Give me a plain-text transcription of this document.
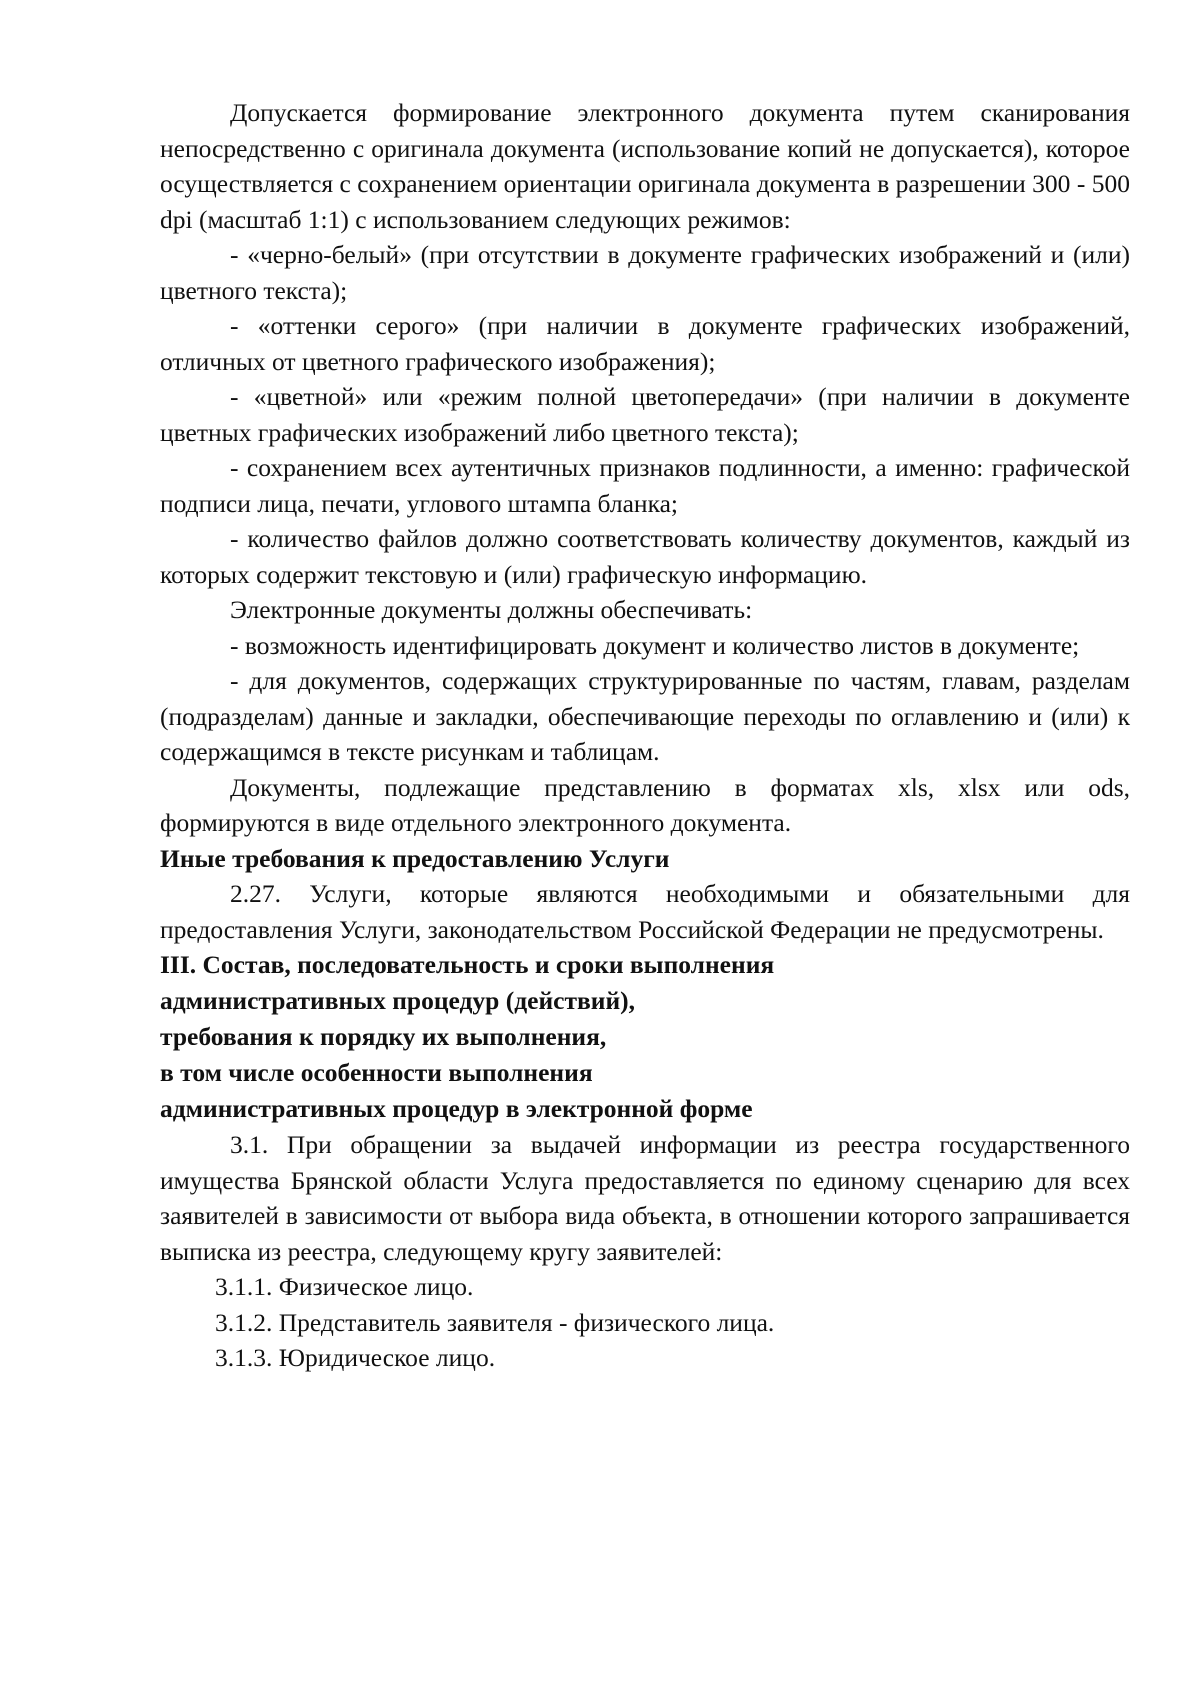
Допускается формирование электронного документа путем сканирования непосредственно с оригинала документа (использование копий не допускается), которое осуществляется с сохранением ориентации оригинала документа в разрешении 300 - 500 dpi (масштаб 1:1) с использованием следующих режимов:

- «черно-белый» (при отсутствии в документе графических изображений и (или) цветного текста);

- «оттенки серого» (при наличии в документе графических изображений, отличных от цветного графического изображения);

- «цветной» или «режим полной цветопередачи» (при наличии в документе цветных графических изображений либо цветного текста);

- сохранением всех аутентичных признаков подлинности, а именно: графической подписи лица, печати, углового штампа бланка;

- количество файлов должно соответствовать количеству документов, каждый из которых содержит текстовую и (или) графическую информацию.

Электронные документы должны обеспечивать:

- возможность идентифицировать документ и количество листов в документе;

- для документов, содержащих структурированные по частям, главам, разделам (подразделам) данные и закладки, обеспечивающие переходы по оглавлению и (или) к содержащимся в тексте рисункам и таблицам.

Документы, подлежащие представлению в форматах xls, xlsx или ods, формируются в виде отдельного электронного документа.

Иные требования к предоставлению Услуги

2.27. Услуги, которые являются необходимыми и обязательными для предоставления Услуги, законодательством Российской Федерации не предусмотрены.

III. Состав, последовательность и сроки выполнения
административных процедур (действий),
требования к порядку их выполнения,
в том числе особенности выполнения
административных процедур в электронной форме

3.1. При обращении за выдачей информации из реестра государственного имущества Брянской области Услуга предоставляется по единому сценарию для всех заявителей в зависимости от выбора вида объекта, в отношении которого запрашивается выписка из реестра, следующему кругу заявителей:

3.1.1. Физическое лицо.

3.1.2. Представитель заявителя - физического лица.

3.1.3. Юридическое лицо.
